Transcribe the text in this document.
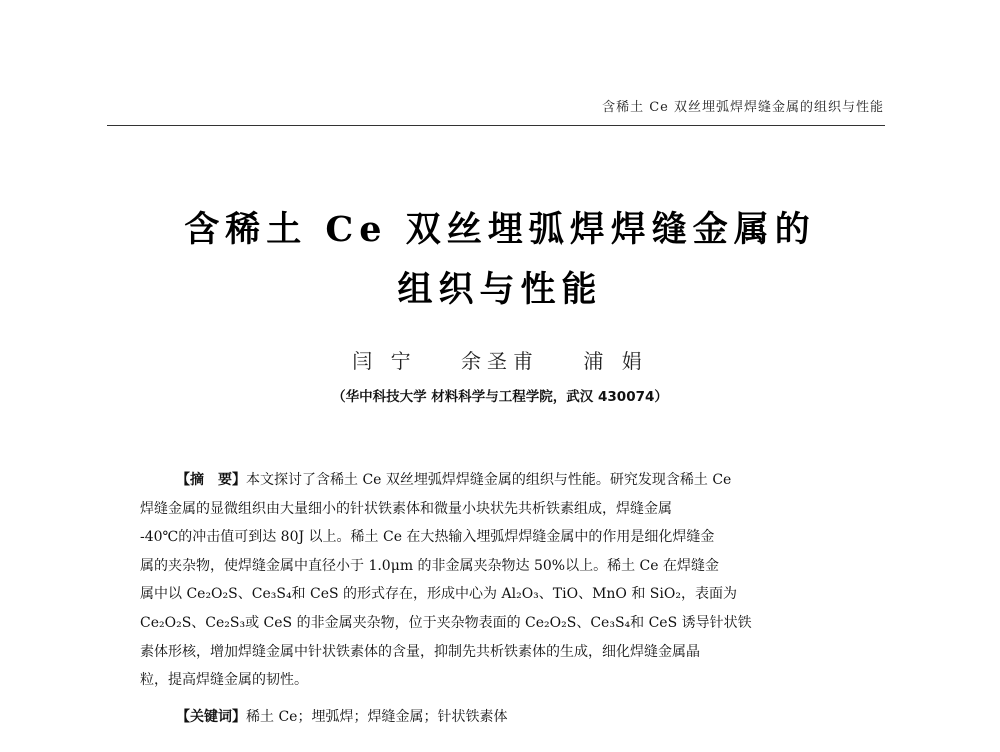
含稀土 Ce 双丝埋弧焊焊缝金属的组织与性能
含稀土 Ce 双丝埋弧焊焊缝金属的
组织与性能
闫 宁 余圣甫 浦 娟
（华中科技大学 材料科学与工程学院，武汉 430074）
【摘　要】本文探讨了含稀土 Ce 双丝埋弧焊焊缝金属的组织与性能。研究发现含稀土 Ce
焊缝金属的显微组织由大量细小的针状铁素体和微量小块状先共析铁素组成，焊缝金属
-40℃的冲击值可到达 80J 以上。稀土 Ce 在大热输入埋弧焊焊缝金属中的作用是细化焊缝金
属的夹杂物，使焊缝金属中直径小于 1.0μm 的非金属夹杂物达 50%以上。稀土 Ce 在焊缝金
属中以 Ce₂O₂S、Ce₃S₄和 CeS 的形式存在，形成中心为 Al₂O₃、TiO、MnO 和 SiO₂，表面为
Ce₂O₂S、Ce₂S₃或 CeS 的非金属夹杂物，位于夹杂物表面的 Ce₂O₂S、Ce₃S₄和 CeS 诱导针状铁
素体形核，增加焊缝金属中针状铁素体的含量，抑制先共析铁素体的生成，细化焊缝金属晶
粒，提高焊缝金属的韧性。
【关键词】稀土 Ce；埋弧焊；焊缝金属；针状铁素体
